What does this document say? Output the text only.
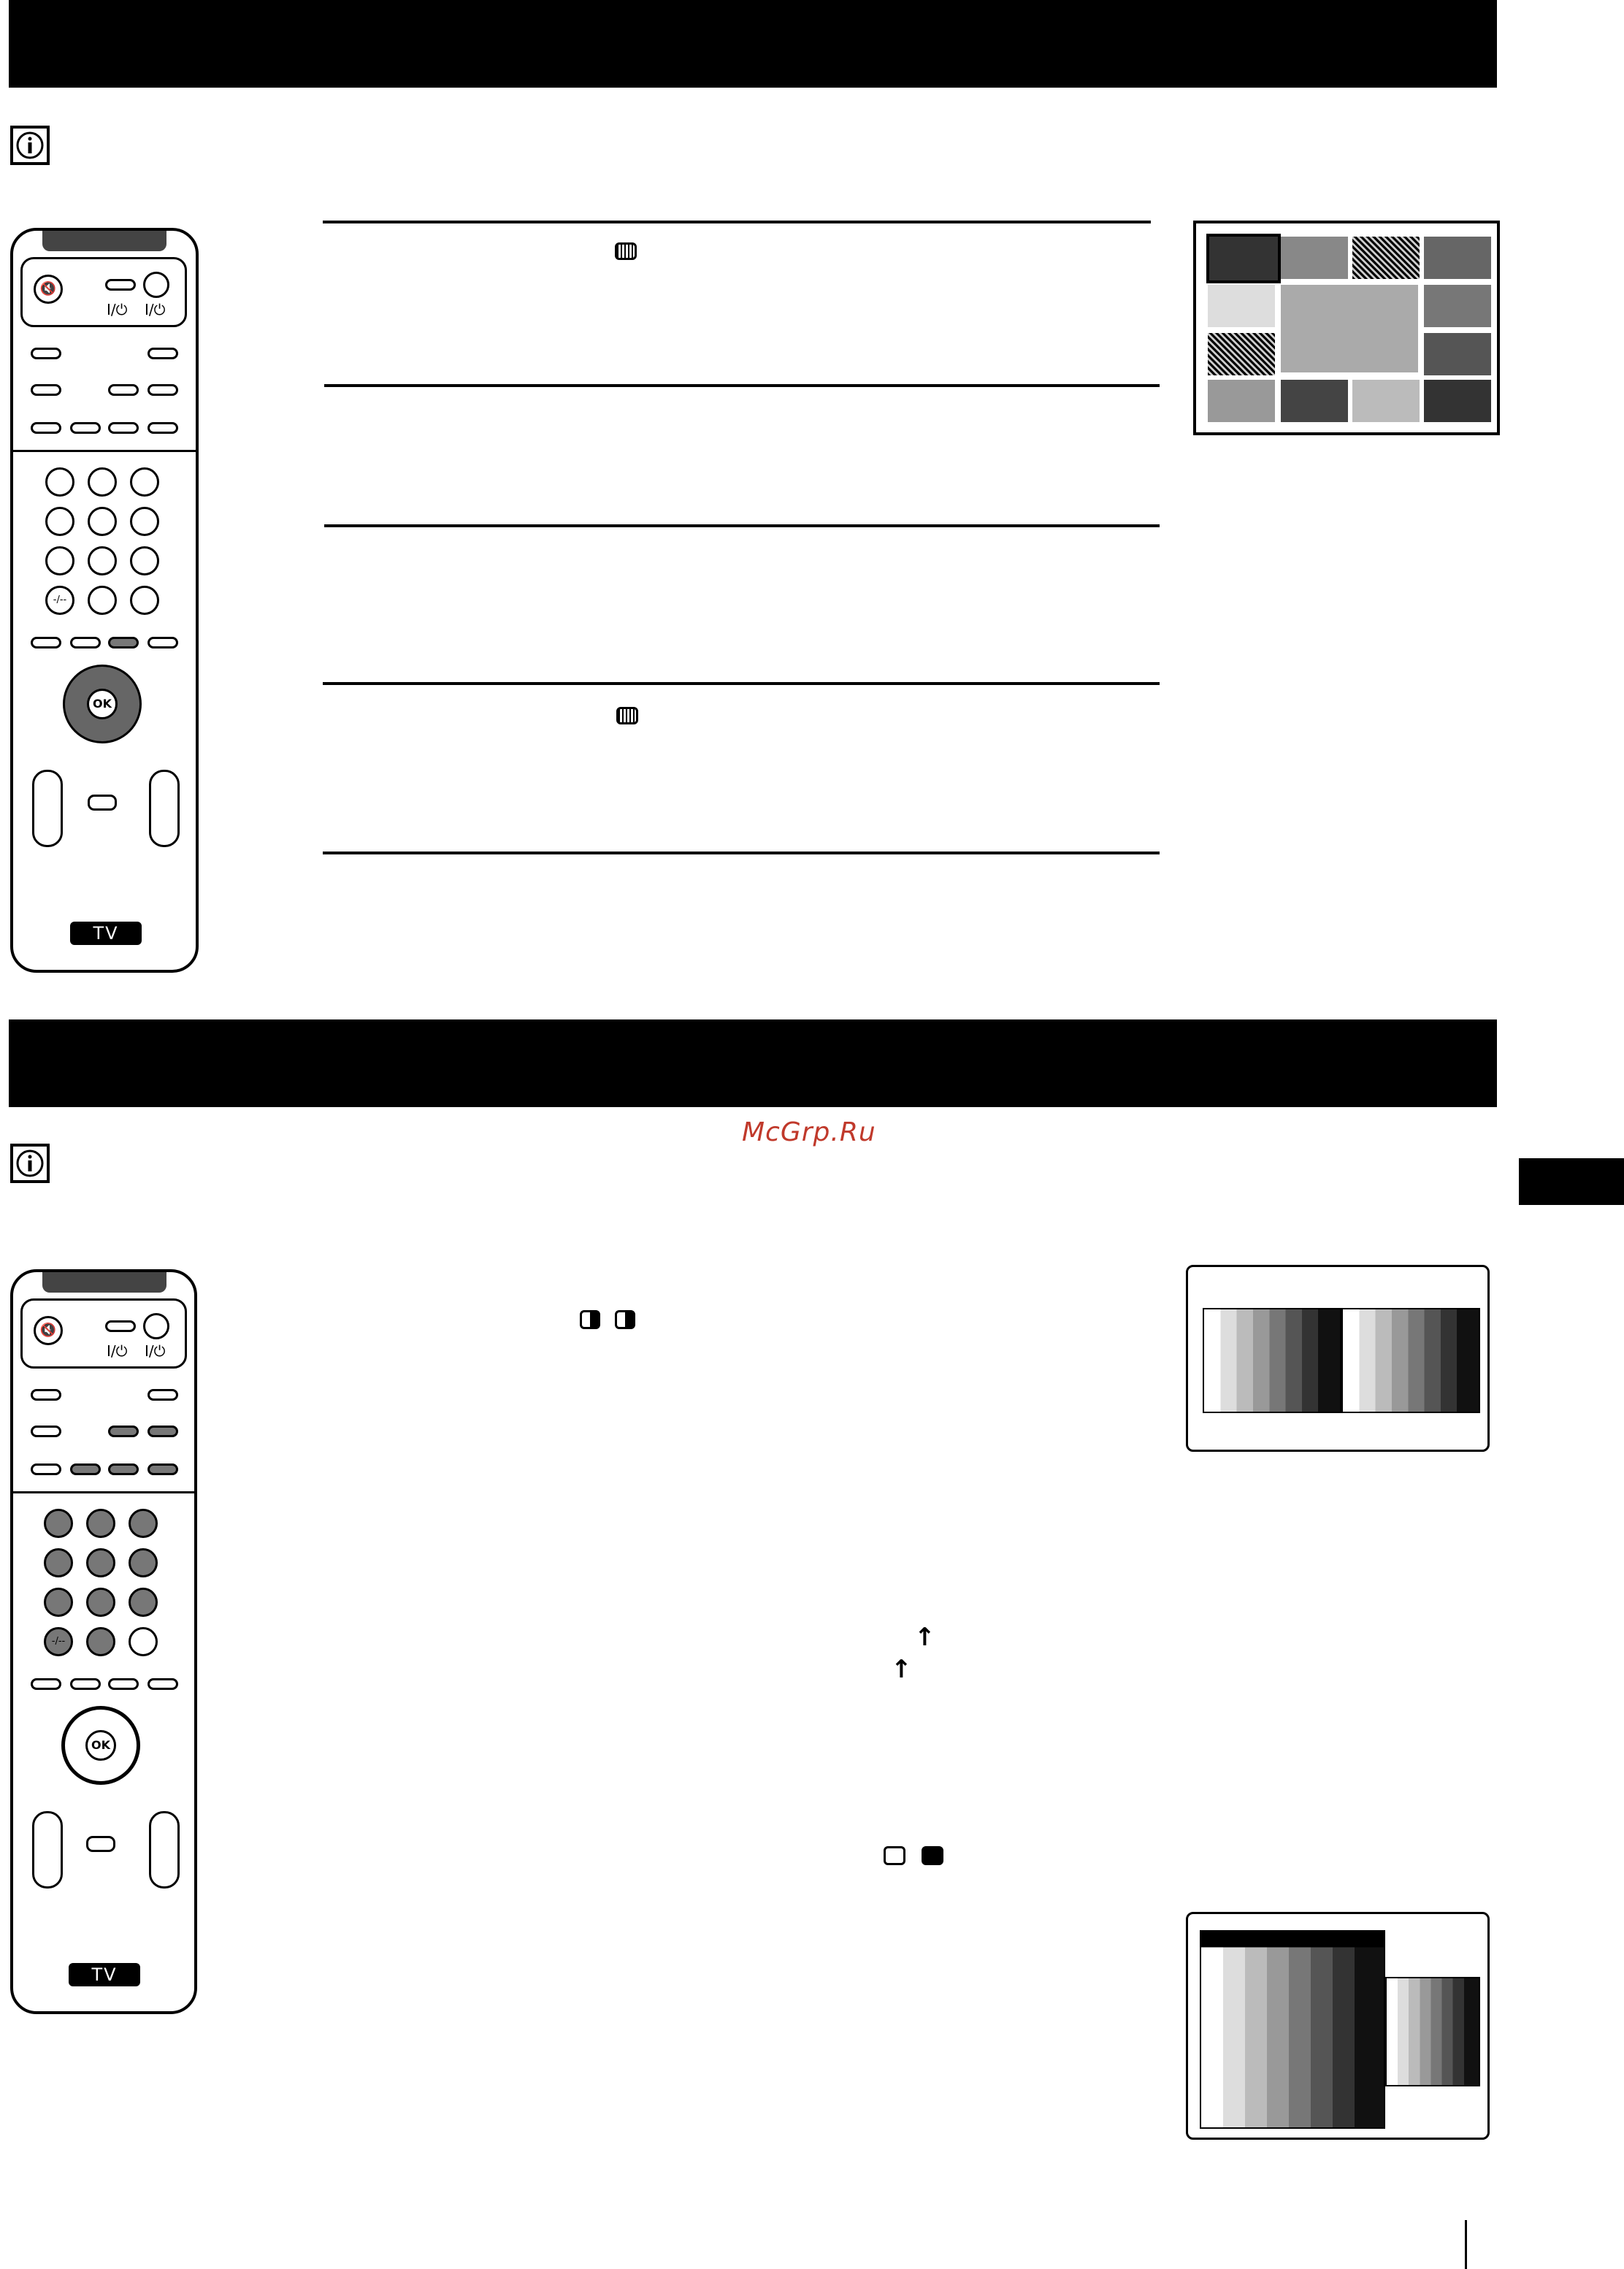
🔇
I/⏻ I/⏻
-/--
OK
TV
McGrp.Ru
🔇
I/⏻ I/⏻
-/--
OK
TV
↑
↑
